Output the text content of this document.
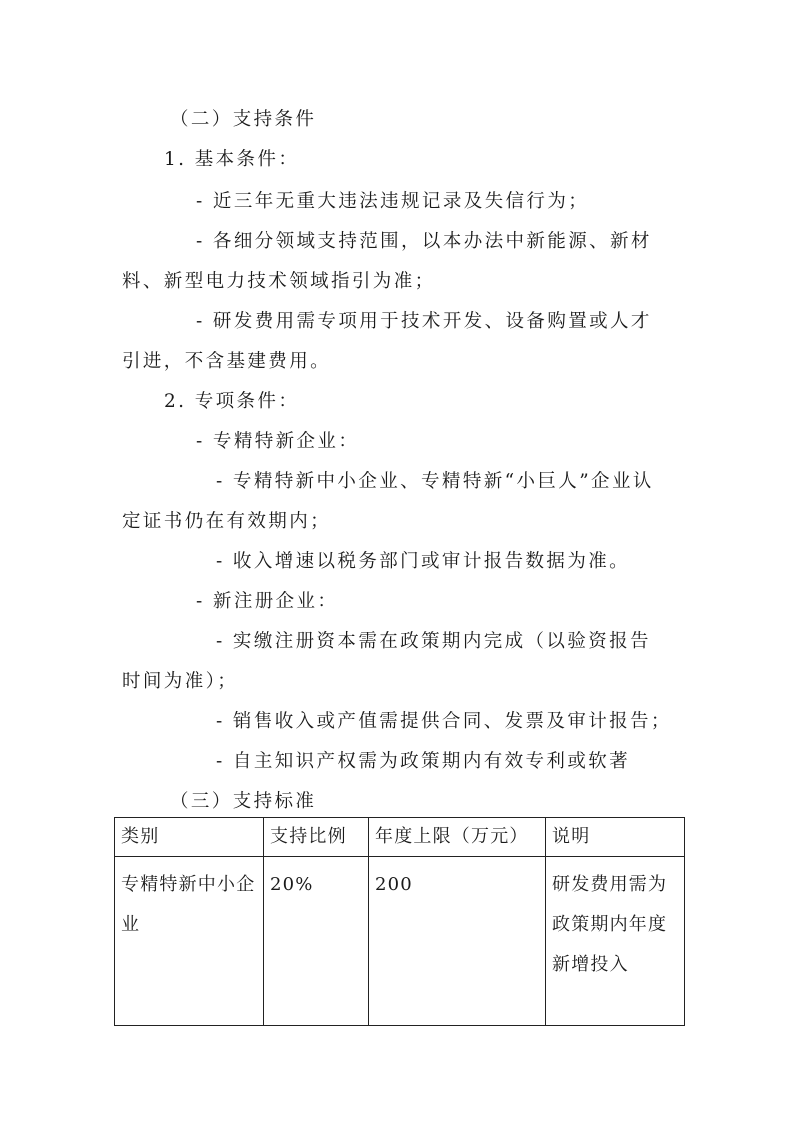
（二）支持条件
1. 基本条件：
- 近三年无重大违法违规记录及失信行为；
- 各细分领域支持范围，以本办法中新能源、新材
料、新型电力技术领域指引为准；
- 研发费用需专项用于技术开发、设备购置或人才
引进，不含基建费用。
2. 专项条件：
- 专精特新企业：
- 专精特新中小企业、专精特新“小巨人”企业认
定证书仍在有效期内；
- 收入增速以税务部门或审计报告数据为准。
- 新注册企业：
- 实缴注册资本需在政策期内完成（以验资报告
时间为准）；
- 销售收入或产值需提供合同、发票及审计报告；
- 自主知识产权需为政策期内有效专利或软著
（三）支持标准
类别	支持比例	年度上限（万元）	说明
专精特新中小企业	20%	200	研发费用需为政策期内年度新增投入
